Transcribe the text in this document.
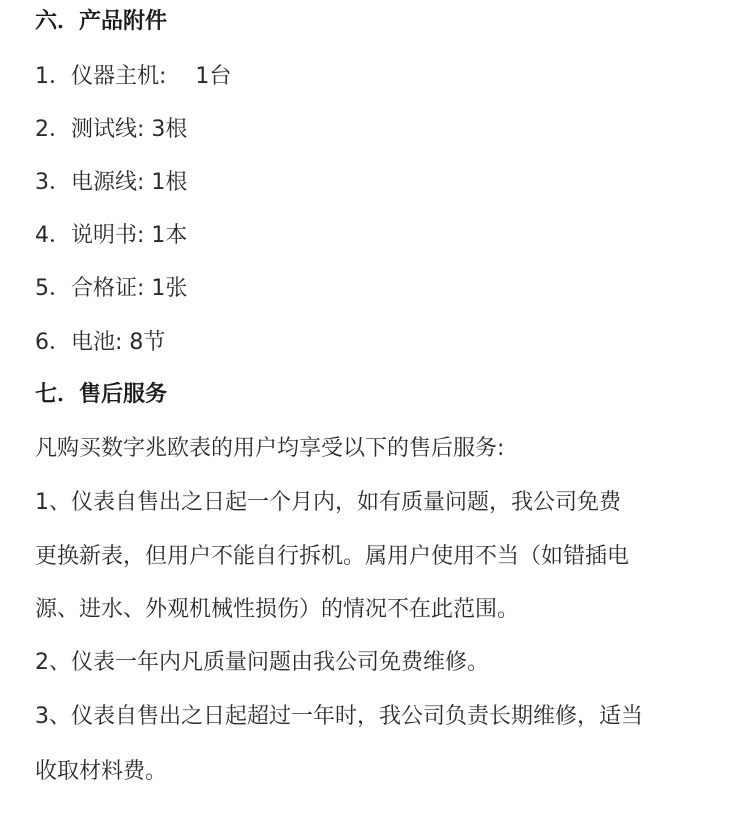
六．产品附件
1．仪器主机:　 1台
2．测试线: 3根
3．电源线: 1根
4．说明书: 1本
5．合格证: 1张
6．电池: 8节
七．售后服务
凡购买数字兆欧表的用户均享受以下的售后服务:
1、仪表自售出之日起一个月内，如有质量问题，我公司免费
更换新表，但用户不能自行拆机。属用户使用不当（如错插电
源、进水、外观机械性损伤）的情况不在此范围。
2、仪表一年内凡质量问题由我公司免费维修。
3、仪表自售出之日起超过一年时，我公司负责长期维修，适当
收取材料费。
